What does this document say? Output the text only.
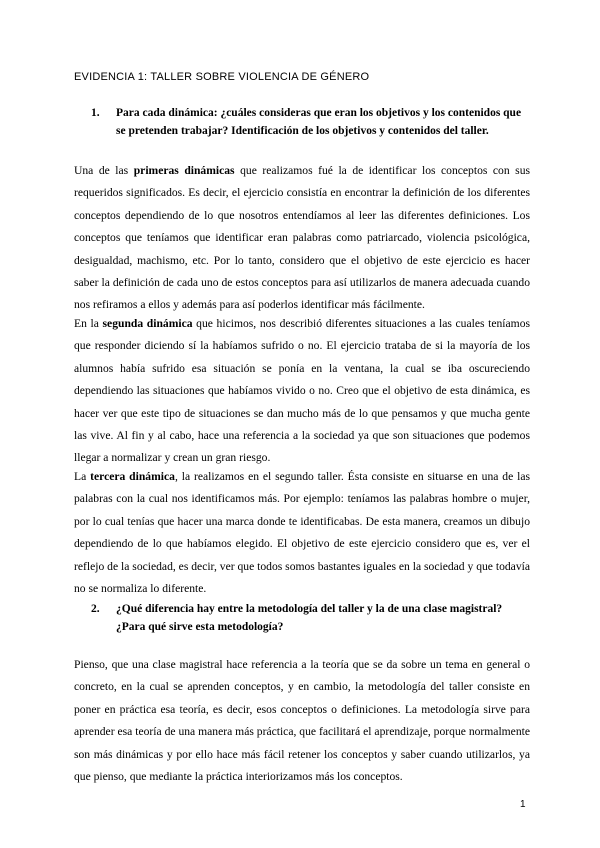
EVIDENCIA 1: TALLER SOBRE VIOLENCIA DE GÉNERO
1. Para cada dinámica: ¿cuáles consideras que eran los objetivos y los contenidos que se pretenden trabajar? Identificación de los objetivos y contenidos del taller.
Una de las primeras dinámicas que realizamos fué la de identificar los conceptos con sus requeridos significados. Es decir, el ejercicio consistía en encontrar la definición de los diferentes conceptos dependiendo de lo que nosotros entendíamos al leer las diferentes definiciones. Los conceptos que teníamos que identificar eran palabras como patriarcado, violencia psicológica, desigualdad, machismo, etc. Por lo tanto, considero que el objetivo de este ejercicio es hacer saber la definición de cada uno de estos conceptos para así utilizarlos de manera adecuada cuando nos refiramos a ellos y además para así poderlos identificar más fácilmente.
En la segunda dinámica que hicimos, nos describió diferentes situaciones a las cuales teníamos que responder diciendo sí la habíamos sufrido o no. El ejercicio trataba de si la mayoría de los alumnos había sufrido esa situación se ponía en la ventana, la cual se iba oscureciendo dependiendo las situaciones que habíamos vivido o no. Creo que el objetivo de esta dinámica, es hacer ver que este tipo de situaciones se dan mucho más de lo que pensamos y que mucha gente las vive. Al fin y al cabo, hace una referencia a la sociedad ya que son situaciones que podemos llegar a normalizar y crean un gran riesgo.
La tercera dinámica, la realizamos en el segundo taller. Ésta consiste en situarse en una de las palabras con la cual nos identificamos más. Por ejemplo: teníamos las palabras hombre o mujer, por lo cual tenías que hacer una marca donde te identificabas. De esta manera, creamos un dibujo dependiendo de lo que habíamos elegido. El objetivo de este ejercicio considero que es, ver el reflejo de la sociedad, es decir, ver que todos somos bastantes iguales en la sociedad y que todavía no se normaliza lo diferente.
2. ¿Qué diferencia hay entre la metodología del taller y la de una clase magistral? ¿Para qué sirve esta metodología?
Pienso, que una clase magistral hace referencia a la teoría que se da sobre un tema en general o concreto, en la cual se aprenden conceptos, y en cambio, la metodología del taller consiste en poner en práctica esa teoría, es decir, esos conceptos o definiciones. La metodología sirve para aprender esa teoría de una manera más práctica, que facilitará el aprendizaje, porque normalmente son más dinámicas y por ello hace más fácil retener los conceptos y saber cuando utilizarlos, ya que pienso, que mediante la práctica interiorizamos más los conceptos.
1
